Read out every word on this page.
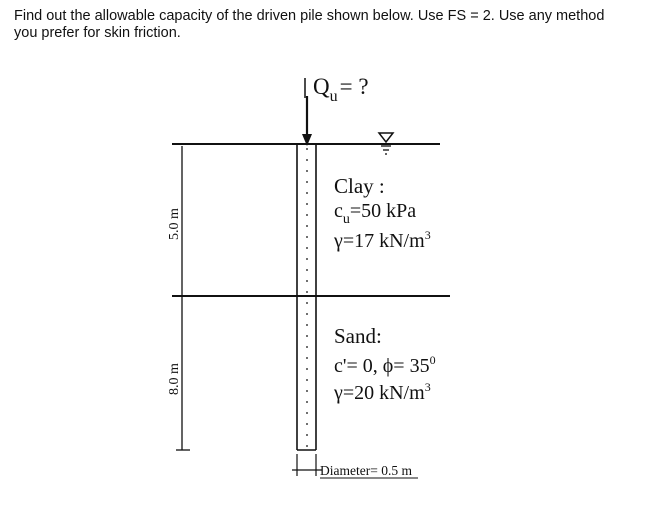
Find out the allowable capacity of the driven pile shown below. Use FS = 2. Use any method
you prefer for skin friction.
$Q_u=$ ?
5.0 m
8.0 m
Clay :
$c_u=50$ kPa
γ=17 $kN/m^3$
Sand:
c'= 0, $\phi= 35^0$
γ=20 $kN/m^3$
Diameter= 0.5 m
